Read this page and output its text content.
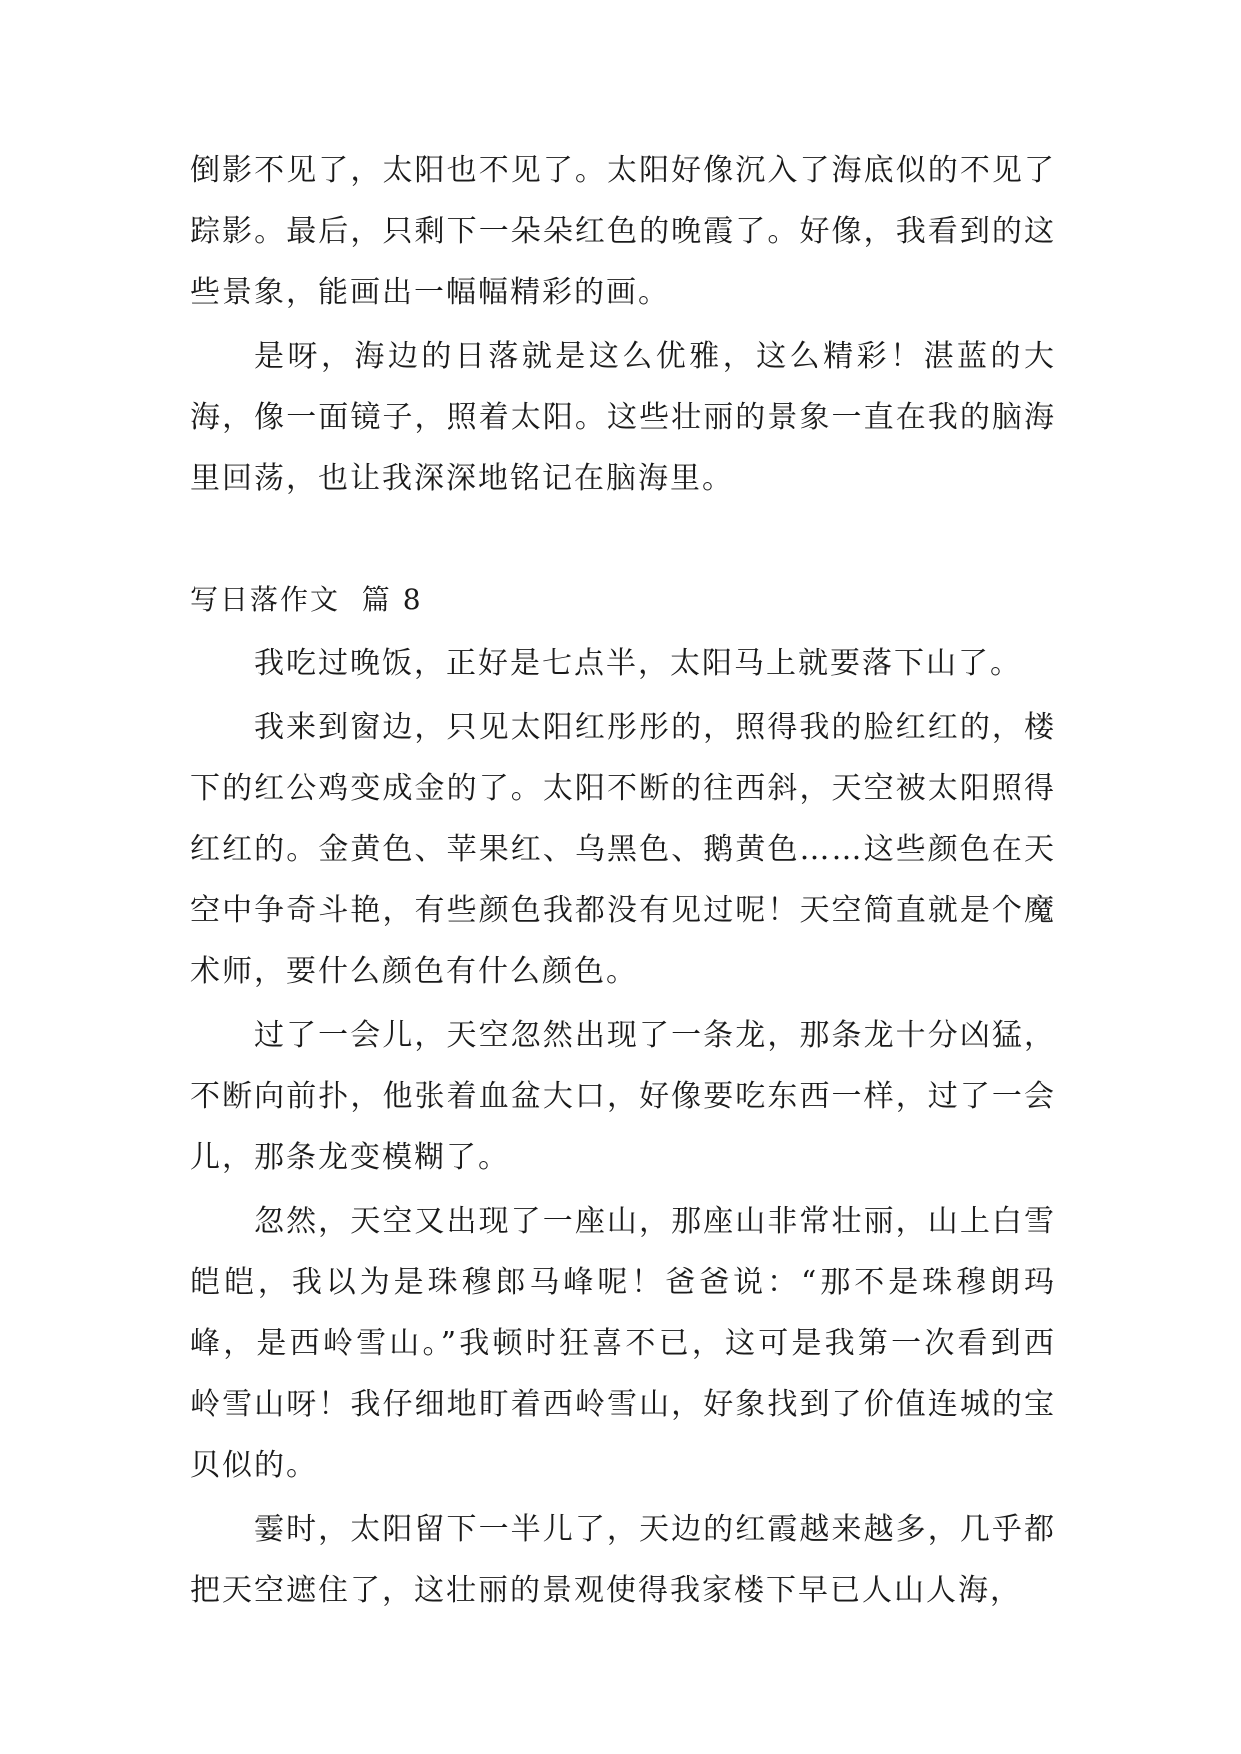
倒影不见了，太阳也不见了。太阳好像沉入了海底似的不见了踪影。最后，只剩下一朵朵红色的晚霞了。好像，我看到的这些景象，能画出一幅幅精彩的画。

是呀，海边的日落就是这么优雅，这么精彩！湛蓝的大海，像一面镜子，照着太阳。这些壮丽的景象一直在我的脑海里回荡，也让我深深地铭记在脑海里。

写日落作文  篇 8

我吃过晚饭，正好是七点半，太阳马上就要落下山了。

我来到窗边，只见太阳红彤彤的，照得我的脸红红的，楼下的红公鸡变成金的了。太阳不断的往西斜，天空被太阳照得红红的。金黄色、苹果红、乌黑色、鹅黄色……这些颜色在天空中争奇斗艳，有些颜色我都没有见过呢！天空简直就是个魔术师，要什么颜色有什么颜色。

过了一会儿，天空忽然出现了一条龙，那条龙十分凶猛，不断向前扑，他张着血盆大口，好像要吃东西一样，过了一会儿，那条龙变模糊了。

忽然，天空又出现了一座山，那座山非常壮丽，山上白雪皑皑，我以为是珠穆郎马峰呢！爸爸说：“那不是珠穆朗玛峰，是西岭雪山。”我顿时狂喜不已，这可是我第一次看到西岭雪山呀！我仔细地盯着西岭雪山，好象找到了价值连城的宝贝似的。

霎时，太阳留下一半儿了，天边的红霞越来越多，几乎都把天空遮住了，这壮丽的景观使得我家楼下早已人山人海，
